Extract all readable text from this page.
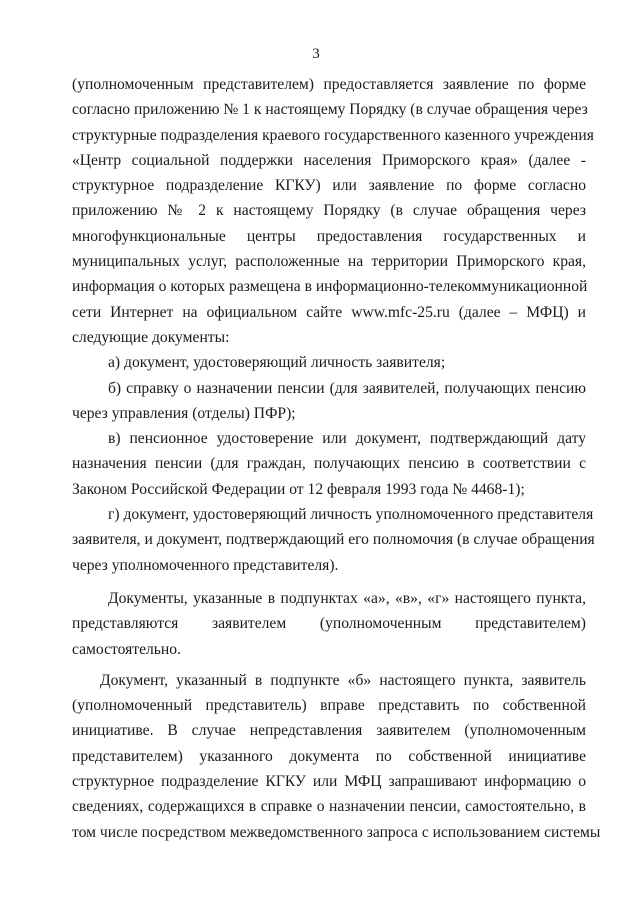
3
(уполномоченным представителем) предоставляется заявление по форме
согласно приложению № 1 к настоящему Порядку (в случае обращения через
структурные подразделения краевого государственного казенного учреждения
«Центр социальной поддержки населения Приморского края» (далее -
структурное подразделение КГКУ) или заявление по форме согласно
приложению № 2 к настоящему Порядку (в случае обращения через
многофункциональные центры предоставления государственных и
муниципальных услуг, расположенные на территории Приморского края,
информация о которых размещена в информационно-телекоммуникационной
сети Интернет на официальном сайте www.mfc-25.ru (далее – МФЦ) и
следующие документы:
а) документ, удостоверяющий личность заявителя;
б) справку о назначении пенсии (для заявителей, получающих пенсию
через управления (отделы) ПФР);
в) пенсионное удостоверение или документ, подтверждающий дату
назначения пенсии (для граждан, получающих пенсию в соответствии с
Законом Российской Федерации от 12 февраля 1993 года № 4468-1);
г) документ, удостоверяющий личность уполномоченного представителя
заявителя, и документ, подтверждающий его полномочия (в случае обращения
через уполномоченного представителя).
Документы, указанные в подпунктах «а», «в», «г» настоящего пункта,
представляются заявителем (уполномоченным представителем)
самостоятельно.
Документ, указанный в подпункте «б» настоящего пункта, заявитель
(уполномоченный представитель) вправе представить по собственной
инициативе. В случае непредставления заявителем (уполномоченным
представителем) указанного документа по собственной инициативе
структурное подразделение КГКУ или МФЦ запрашивают информацию о
сведениях, содержащихся в справке о назначении пенсии, самостоятельно, в
том числе посредством межведомственного запроса с использованием системы
